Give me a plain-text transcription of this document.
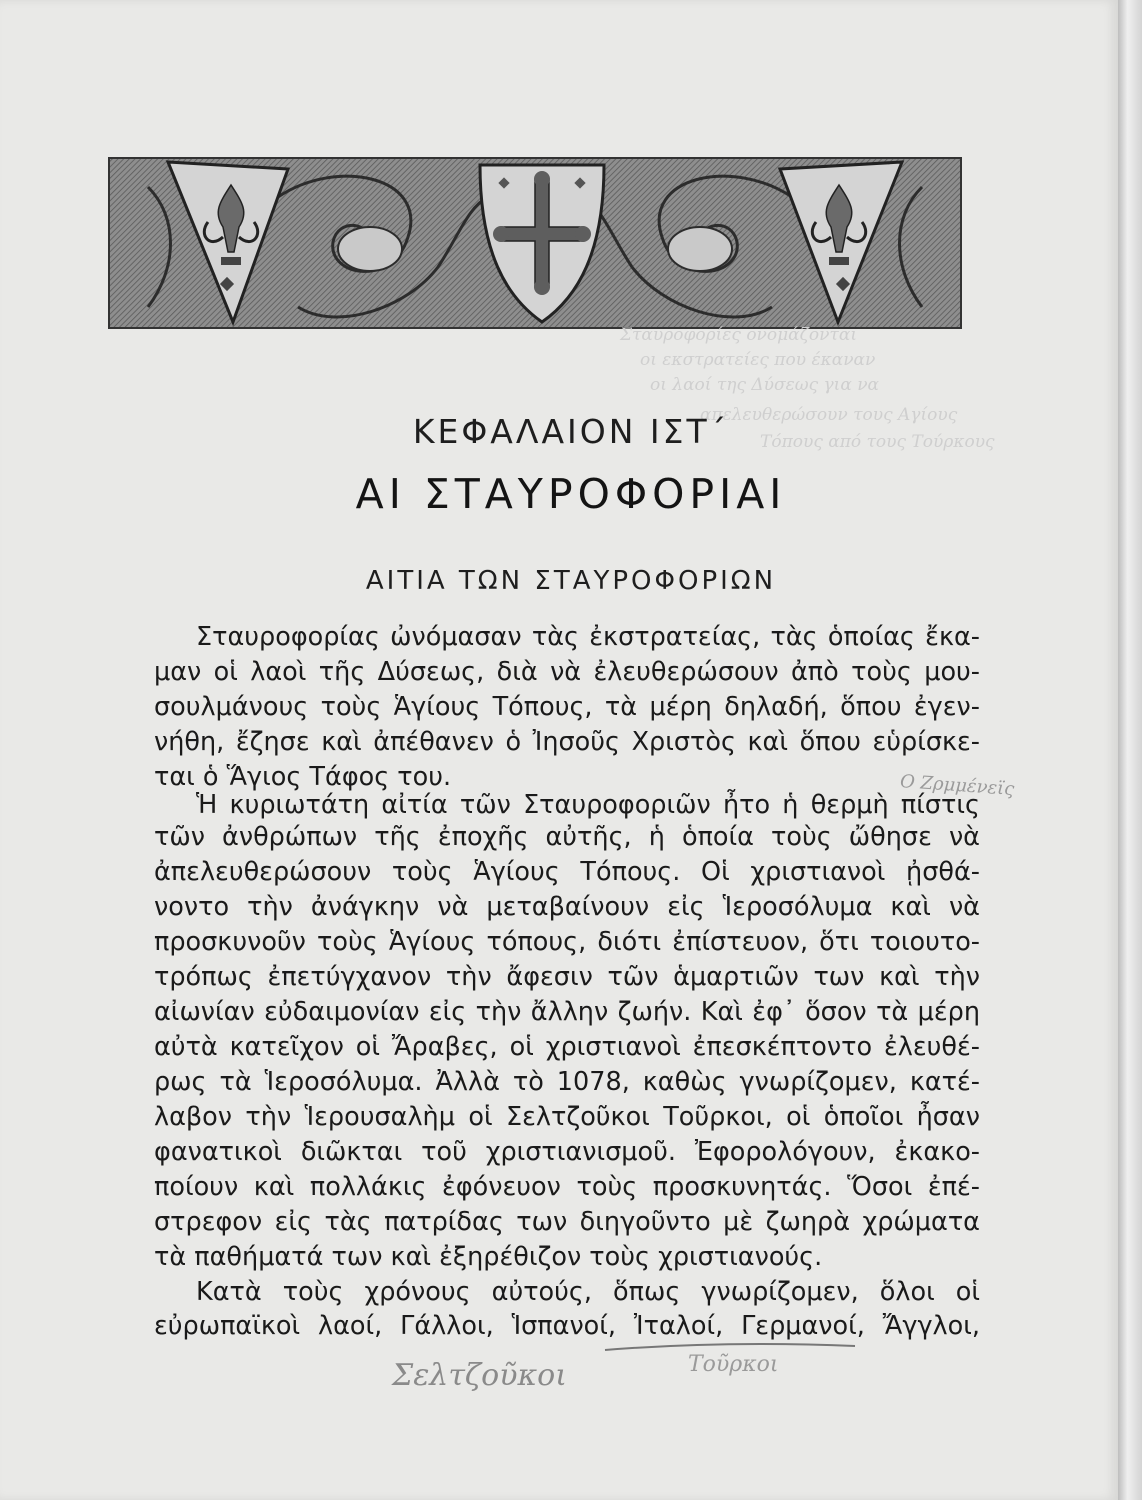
Σταυροφορίες ονομάζονται
οι εκστρατείες που έκαναν
οι λαοί της Δύσεως για να
απελευθερώσουν τους Αγίους
Τόπους από τους Τούρκους
ΚΕΦΑΛΑΙΟΝ ΙΣΤ΄
ΑΙ ΣΤΑΥΡΟΦΟΡΙΑΙ
ΑΙΤΙΑ ΤΩΝ ΣΤΑΥΡΟΦΟΡΙΩΝ
Σταυροφορίας ὠνόμασαν τὰς ἐκστρατείας, τὰς ὁποίας ἔκα-
μαν οἱ λαοὶ τῆς Δύσεως, διὰ νὰ ἐλευθερώσουν ἀπὸ τοὺς μου-
σουλμάνους τοὺς Ἁγίους Τόπους, τὰ μέρη δηλαδή, ὅπου ἐγεν-
νήθη, ἔζησε καὶ ἀπέθανεν ὁ Ἰησοῦς Χριστὸς καὶ ὅπου εὑρίσκε-
ται ὁ Ἅγιος Τάφος του.	Ο Ζρμμένεϊς
Ἡ κυριωτάτη αἰτία τῶν Σταυροφοριῶν ἦτο ἡ θερμὴ πίστις
τῶν ἀνθρώπων τῆς ἐποχῆς αὐτῆς, ἡ ὁποία τοὺς ὤθησε νὰ
ἀπελευθερώσουν τοὺς Ἁγίους Τόπους. Οἱ χριστιανοὶ ᾐσθά-
νοντο τὴν ἀνάγκην νὰ μεταβαίνουν εἰς Ἱεροσόλυμα καὶ νὰ
προσκυνοῦν τοὺς Ἁγίους τόπους, διότι ἐπίστευον, ὅτι τοιουτο-
τρόπως ἐπετύγχανον τὴν ἄφεσιν τῶν ἁμαρτιῶν των καὶ τὴν
αἰωνίαν εὐδαιμονίαν εἰς τὴν ἄλλην ζωήν. Καὶ ἐφ᾽ ὅσον τὰ μέρη
αὐτὰ κατεῖχον οἱ Ἄραβες, οἱ χριστιανοὶ ἐπεσκέπτοντο ἐλευθέ-
ρως τὰ Ἱεροσόλυμα. Ἀλλὰ τὸ 1078, καθὼς γνωρίζομεν, κατέ-
λαβον τὴν Ἱερουσαλὴμ οἱ Σελτζοῦκοι Τοῦρκοι, οἱ ὁποῖοι ἦσαν
φανατικοὶ διῶκται τοῦ χριστιανισμοῦ. Ἐφορολόγουν, ἐκακο-
ποίουν καὶ πολλάκις ἐφόνευον τοὺς προσκυνητάς. Ὅσοι ἐπέ-
στρεφον εἰς τὰς πατρίδας των διηγοῦντο μὲ ζωηρὰ χρώματα
τὰ παθήματά των καὶ ἐξηρέθιζον τοὺς χριστιανούς.
Κατὰ τοὺς χρόνους αὐτούς, ὅπως γνωρίζομεν, ὅλοι οἱ
εὐρωπαϊκοὶ λαοί, Γάλλοι, Ἱσπανοί, Ἰταλοί, Γερμανοί, Ἄγγλοι,
Σελτζοῦκοι	Τοῦρκοι
